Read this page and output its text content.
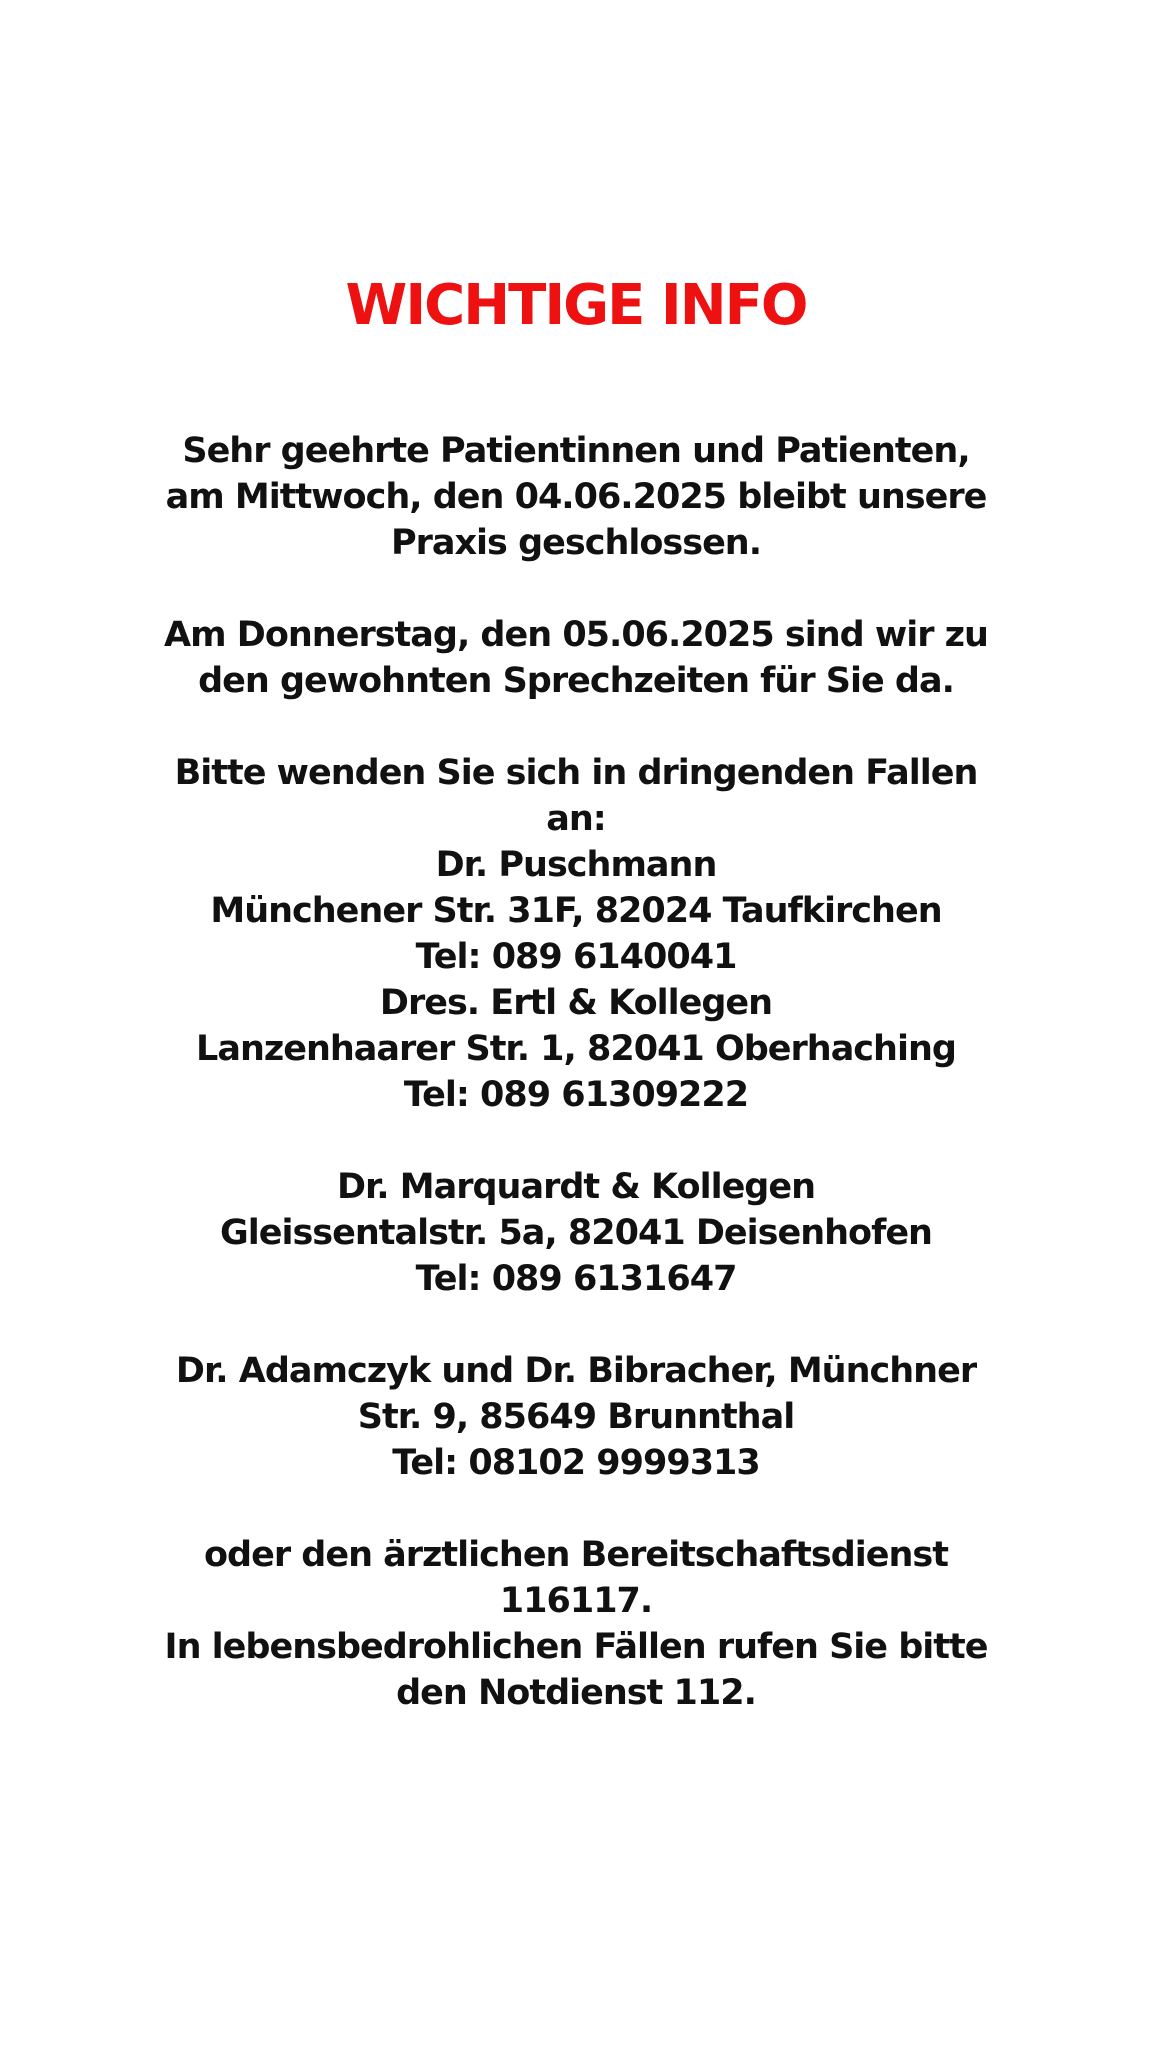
WICHTIGE INFO
Sehr geehrte Patientinnen und Patienten,
am Mittwoch, den 04.06.2025 bleibt unsere
Praxis geschlossen.
Am Donnerstag, den 05.06.2025 sind wir zu
den gewohnten Sprechzeiten für Sie da.
Bitte wenden Sie sich in dringenden Fallen
an:
Dr. Puschmann
Münchener Str. 31F, 82024 Taufkirchen
Tel: 089 6140041
Dres. Ertl & Kollegen
Lanzenhaarer Str. 1, 82041 Oberhaching
Tel: 089 61309222
Dr. Marquardt & Kollegen
Gleissentalstr. 5a, 82041 Deisenhofen
Tel: 089 6131647
Dr. Adamczyk und Dr. Bibracher, Münchner
Str. 9, 85649 Brunnthal
Tel: 08102 9999313
oder den ärztlichen Bereitschaftsdienst
116117.
In lebensbedrohlichen Fällen rufen Sie bitte
den Notdienst 112.
